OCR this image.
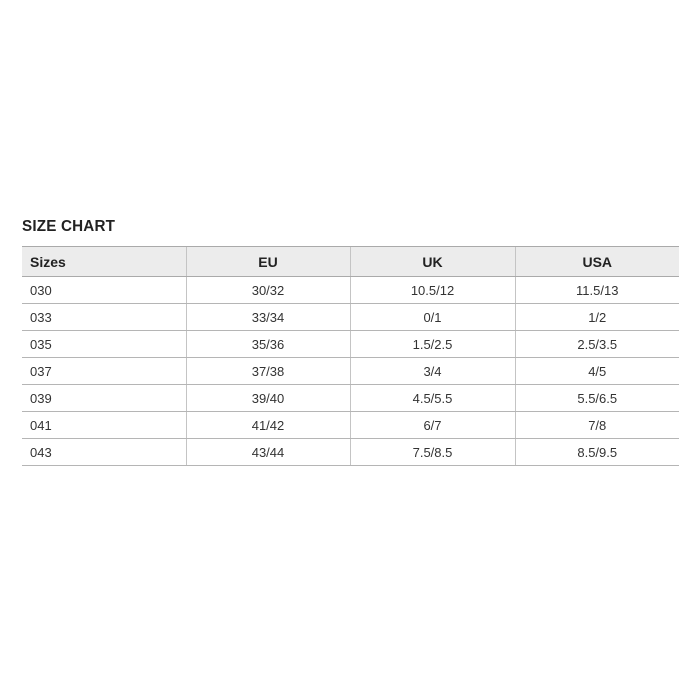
SIZE CHART
Sizes	EU	UK	USA
030	30/32	10.5/12	11.5/13
033	33/34	0/1	1/2
035	35/36	1.5/2.5	2.5/3.5
037	37/38	3/4	4/5
039	39/40	4.5/5.5	5.5/6.5
041	41/42	6/7	7/8
043	43/44	7.5/8.5	8.5/9.5
